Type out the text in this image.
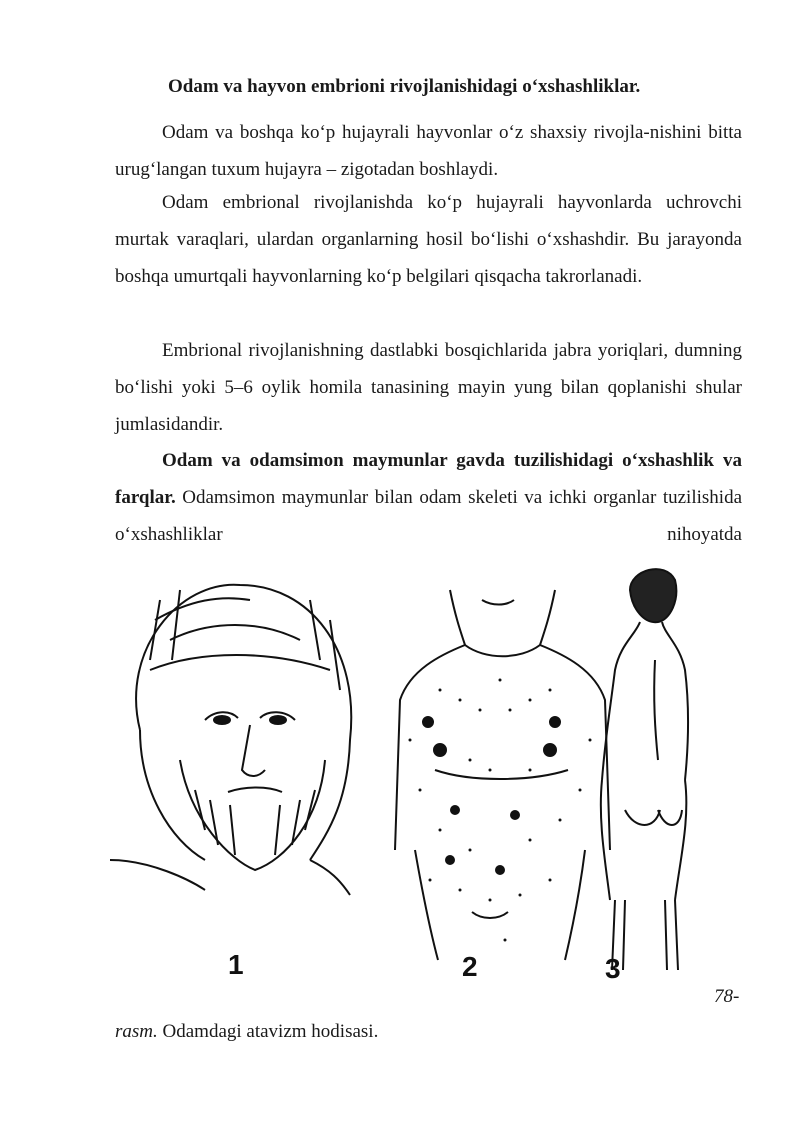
Odam va hayvon embrioni rivojlanishidagi o‘xshashliklar.

Odam va boshqa ko‘p hujayrali hayvonlar o‘z shaxsiy rivojla-nishini bitta urug‘langan tuxum hujayra – zigotadan boshlaydi.

Odam embrional rivojlanishda ko‘p hujayrali hayvonlarda uchrovchi murtak varaqlari, ulardan organlarning hosil bo‘lishi o‘xshashdir. Bu jarayonda boshqa umurtqali hayvonlarning ko‘p belgilari qisqacha takrorlanadi.

Embrional rivojlanishning dastlabki bosqichlarida jabra yoriqlari, dumning bo‘lishi yoki 5–6 oylik homila tanasining mayin yung bilan qoplanishi shular jumlasidandir.

Odam va odamsimon maymunlar gavda tuzilishidagi o‘xshashlik va farqlar. Odamsimon maymunlar bilan odam skeleti va ichki organlar tuzilishida o‘xshashliklar nihoyatda

1	2	3
78-
rasm. Odamdagi atavizm hodisasi.
